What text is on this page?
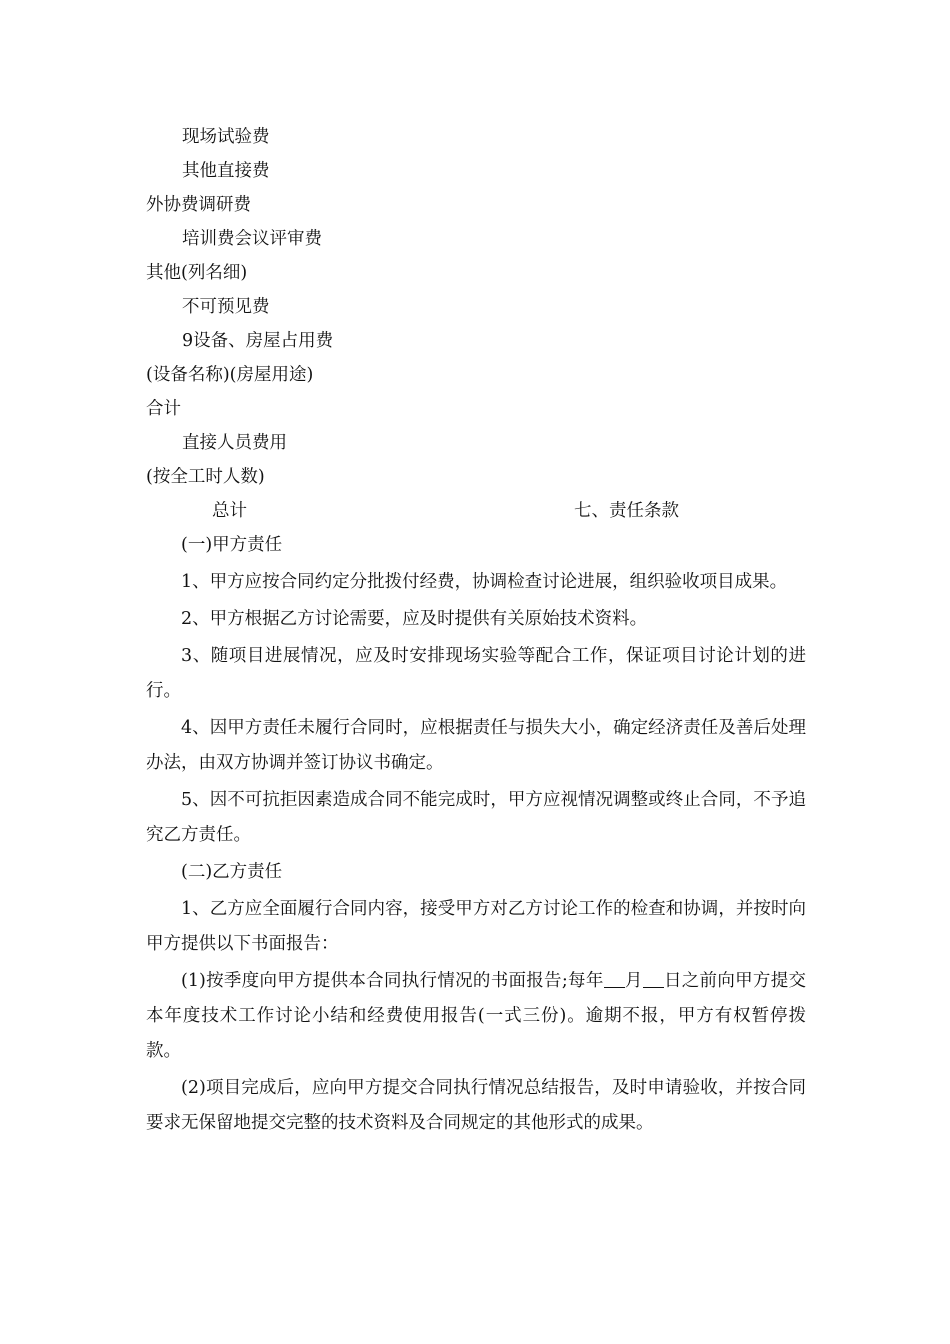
现场试验费
其他直接费
外协费调研费
培训费会议评审费
其他(列名细)
不可预见费
9设备、房屋占用费
(设备名称)(房屋用途)
合计
直接人员费用
(按全工时人数)
总计	七、责任条款

(一)甲方责任

1、甲方应按合同约定分批拨付经费，协调检查讨论进展，组织验收项目成果。

2、甲方根据乙方讨论需要，应及时提供有关原始技术资料。

3、随项目进展情况，应及时安排现场实验等配合工作，保证项目讨论计划的进行。

4、因甲方责任未履行合同时，应根据责任与损失大小，确定经济责任及善后处理办法，由双方协调并签订协议书确定。

5、因不可抗拒因素造成合同不能完成时，甲方应视情况调整或终止合同，不予追究乙方责任。

(二)乙方责任

1、乙方应全面履行合同内容，接受甲方对乙方讨论工作的检查和协调，并按时向甲方提供以下书面报告：

(1)按季度向甲方提供本合同执行情况的书面报告;每年 月 日之前向甲方提交本年度技术工作讨论小结和经费使用报告(一式三份)。逾期不报，甲方有权暂停拨款。

(2)项目完成后，应向甲方提交合同执行情况总结报告，及时申请验收，并按合同要求无保留地提交完整的技术资料及合同规定的其他形式的成果。
